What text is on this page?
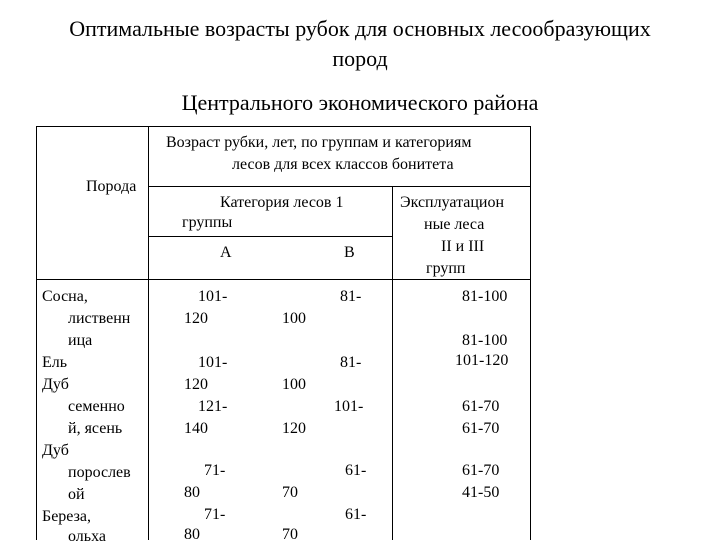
Оптимальные возрасты рубок для основных лесообразующих
пород
Центрального экономического района
Порода
Возраст рубки, лет, по группам и категориям
лесов для всех классов бонитета
Категория лесов 1
группы
А	В
Эксплуатацион
ные леса
II и III
групп
Сосна,
лиственн
ица
Ель
Дуб
семенно
й, ясень
Дуб
порослев
ой
Береза,
ольха
101-
120
101-
120
121-
140
71-
80
71-
80
81-
100
81-
100
101-
120
61-
70
61-
70
81-100
81-100
101-120
61-70
61-70
61-70
41-50
